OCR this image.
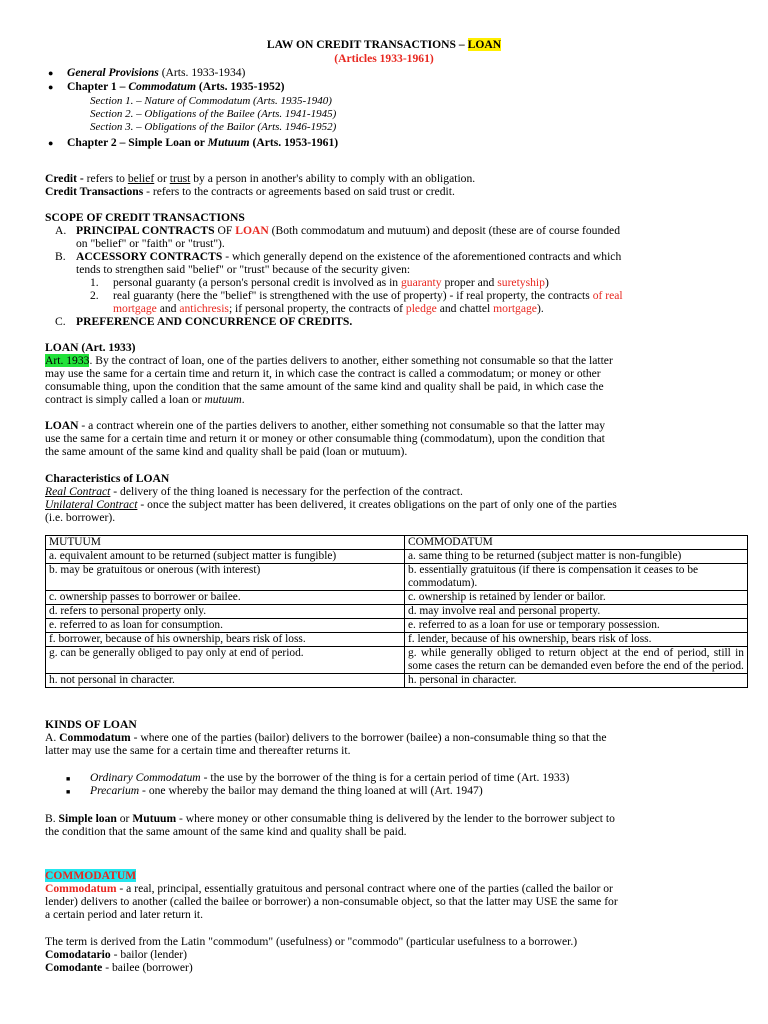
LAW ON CREDIT TRANSACTIONS – LOAN
(Articles 1933-1961)
● General Provisions (Arts. 1933-1934)
● Chapter 1 – Commodatum (Arts. 1935-1952)
Section 1. – Nature of Commodatum (Arts. 1935-1940)
Section 2. – Obligations of the Bailee (Arts. 1941-1945)
Section 3. – Obligations of the Bailor (Arts. 1946-1952)
● Chapter 2 – Simple Loan or Mutuum (Arts. 1953-1961)
Credit - refers to belief or trust by a person in another's ability to comply with an obligation.
Credit Transactions - refers to the contracts or agreements based on said trust or credit.
SCOPE OF CREDIT TRANSACTIONS
A. PRINCIPAL CONTRACTS OF LOAN (Both commodatum and mutuum) and deposit (these are of course founded
on "belief" or "faith" or "trust").
B. ACCESSORY CONTRACTS - which generally depend on the existence of the aforementioned contracts and which
tends to strengthen said "belief" or "trust" because of the security given:
1. personal guaranty (a person's personal credit is involved as in guaranty proper and suretyship)
2. real guaranty (here the "belief" is strengthened with the use of property) - if real property, the contracts of real
mortgage and antichresis; if personal property, the contracts of pledge and chattel mortgage).
C. PREFERENCE AND CONCURRENCE OF CREDITS.
LOAN (Art. 1933)
Art. 1933. By the contract of loan, one of the parties delivers to another, either something not consumable so that the latter
may use the same for a certain time and return it, in which case the contract is called a commodatum; or money or other
consumable thing, upon the condition that the same amount of the same kind and quality shall be paid, in which case the
contract is simply called a loan or mutuum.
LOAN - a contract wherein one of the parties delivers to another, either something not consumable so that the latter may
use the same for a certain time and return it or money or other consumable thing (commodatum), upon the condition that
the same amount of the same kind and quality shall be paid (loan or mutuum).
Characteristics of LOAN
Real Contract - delivery of the thing loaned is necessary for the perfection of the contract.
Unilateral Contract - once the subject matter has been delivered, it creates obligations on the part of only one of the parties
(i.e. borrower).
MUTUUM	COMMODATUM
a. equivalent amount to be returned (subject matter is fungible)	a. same thing to be returned (subject matter is non-fungible)
b. may be gratuitous or onerous (with interest)	b. essentially gratuitous (if there is compensation it ceases to be commodatum).
c. ownership passes to borrower or bailee.	c. ownership is retained by lender or bailor.
d. refers to personal property only.	d. may involve real and personal property.
e. referred to as loan for consumption.	e. referred to as a loan for use or temporary possession.
f. borrower, because of his ownership, bears risk of loss.	f. lender, because of his ownership, bears risk of loss.
g. can be generally obliged to pay only at end of period.	g. while generally obliged to return object at the end of period, still in some cases the return can be demanded even before the end of the period.
h. not personal in character.	h. personal in character.
KINDS OF LOAN
A. Commodatum - where one of the parties (bailor) delivers to the borrower (bailee) a non-consumable thing so that the
latter may use the same for a certain time and thereafter returns it.
■ Ordinary Commodatum - the use by the borrower of the thing is for a certain period of time (Art. 1933)
■ Precarium - one whereby the bailor may demand the thing loaned at will (Art. 1947)
B. Simple loan or Mutuum - where money or other consumable thing is delivered by the lender to the borrower subject to
the condition that the same amount of the same kind and quality shall be paid.
COMMODATUM
Commodatum - a real, principal, essentially gratuitous and personal contract where one of the parties (called the bailor or
lender) delivers to another (called the bailee or borrower) a non-consumable object, so that the latter may USE the same for
a certain period and later return it.
The term is derived from the Latin "commodum" (usefulness) or "commodo" (particular usefulness to a borrower.)
Comodatario - bailor (lender)
Comodante - bailee (borrower)
